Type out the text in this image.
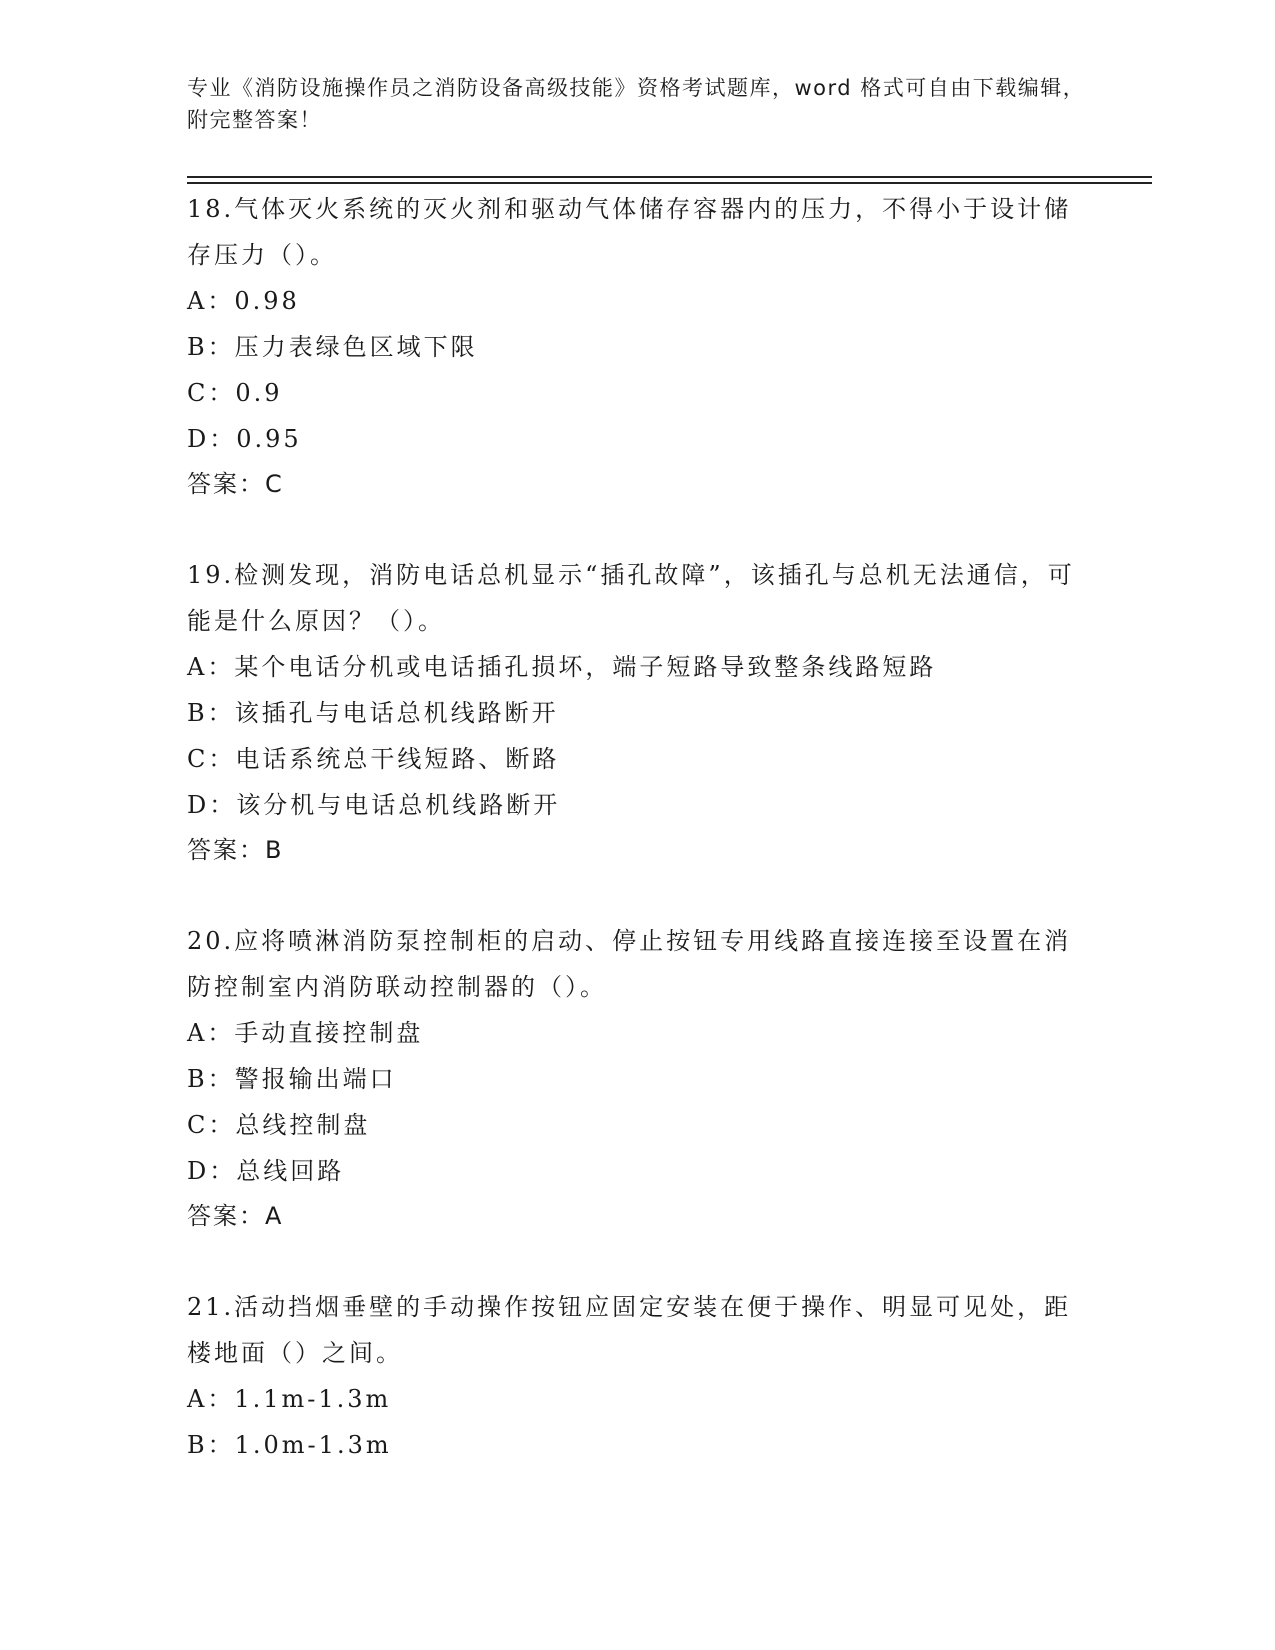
专业《消防设施操作员之消防设备高级技能》资格考试题库，word 格式可自由下载编辑，附完整答案！

18.气体灭火系统的灭火剂和驱动气体储存容器内的压力，不得小于设计储存压力（）。

A：0.98

B：压力表绿色区域下限

C：0.9

D：0.95

答案：C

19.检测发现，消防电话总机显示“插孔故障”，该插孔与总机无法通信，可能是什么原因？（）。

A：某个电话分机或电话插孔损坏，端子短路导致整条线路短路

B：该插孔与电话总机线路断开

C：电话系统总干线短路、断路

D：该分机与电话总机线路断开

答案：B

20.应将喷淋消防泵控制柜的启动、停止按钮专用线路直接连接至设置在消防控制室内消防联动控制器的（）。

A：手动直接控制盘

B：警报输出端口

C：总线控制盘

D：总线回路

答案：A

21.活动挡烟垂壁的手动操作按钮应固定安装在便于操作、明显可见处，距楼地面（）之间。

A：1.1m-1.3m

B：1.0m-1.3m
